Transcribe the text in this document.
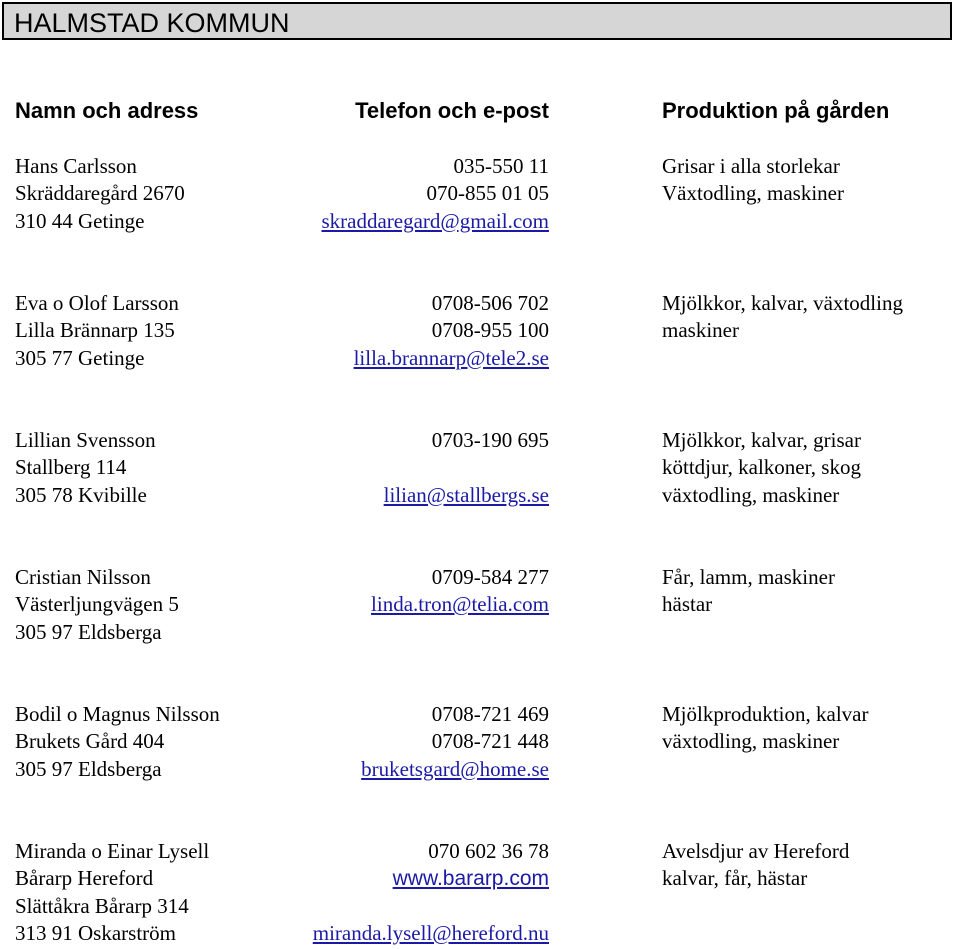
HALMSTAD KOMMUN
Namn och adress	Telefon och e-post	Produktion på gården
Hans Carlsson
Skräddaregård 2670
310 44 Getinge
035-550 11
070-855 01 05
skraddaregard@gmail.com
Grisar i alla storlekar
Växtodling, maskiner
Eva o Olof Larsson
Lilla Brännarp 135
305 77 Getinge
0708-506 702
0708-955 100
lilla.brannarp@tele2.se
Mjölkkor, kalvar, växtodling
maskiner
Lillian Svensson
Stallberg 114
305 78 Kvibille
0703-190 695
lilian@stallbergs.se
Mjölkkor, kalvar, grisar
köttdjur, kalkoner, skog
växtodling, maskiner
Cristian Nilsson
Västerljungvägen 5
305 97 Eldsberga
0709-584 277
linda.tron@telia.com
Får, lamm, maskiner
hästar
Bodil o Magnus Nilsson
Brukets Gård 404
305 97 Eldsberga
0708-721 469
0708-721 448
bruketsgard@home.se
Mjölkproduktion, kalvar
växtodling, maskiner
Miranda o Einar Lysell
Bårarp Hereford
Slättåkra Bårarp 314
313 91 Oskarström
070 602 36 78
www.bararp.com
miranda.lysell@hereford.nu
Avelsdjur av Hereford
kalvar, får, hästar
